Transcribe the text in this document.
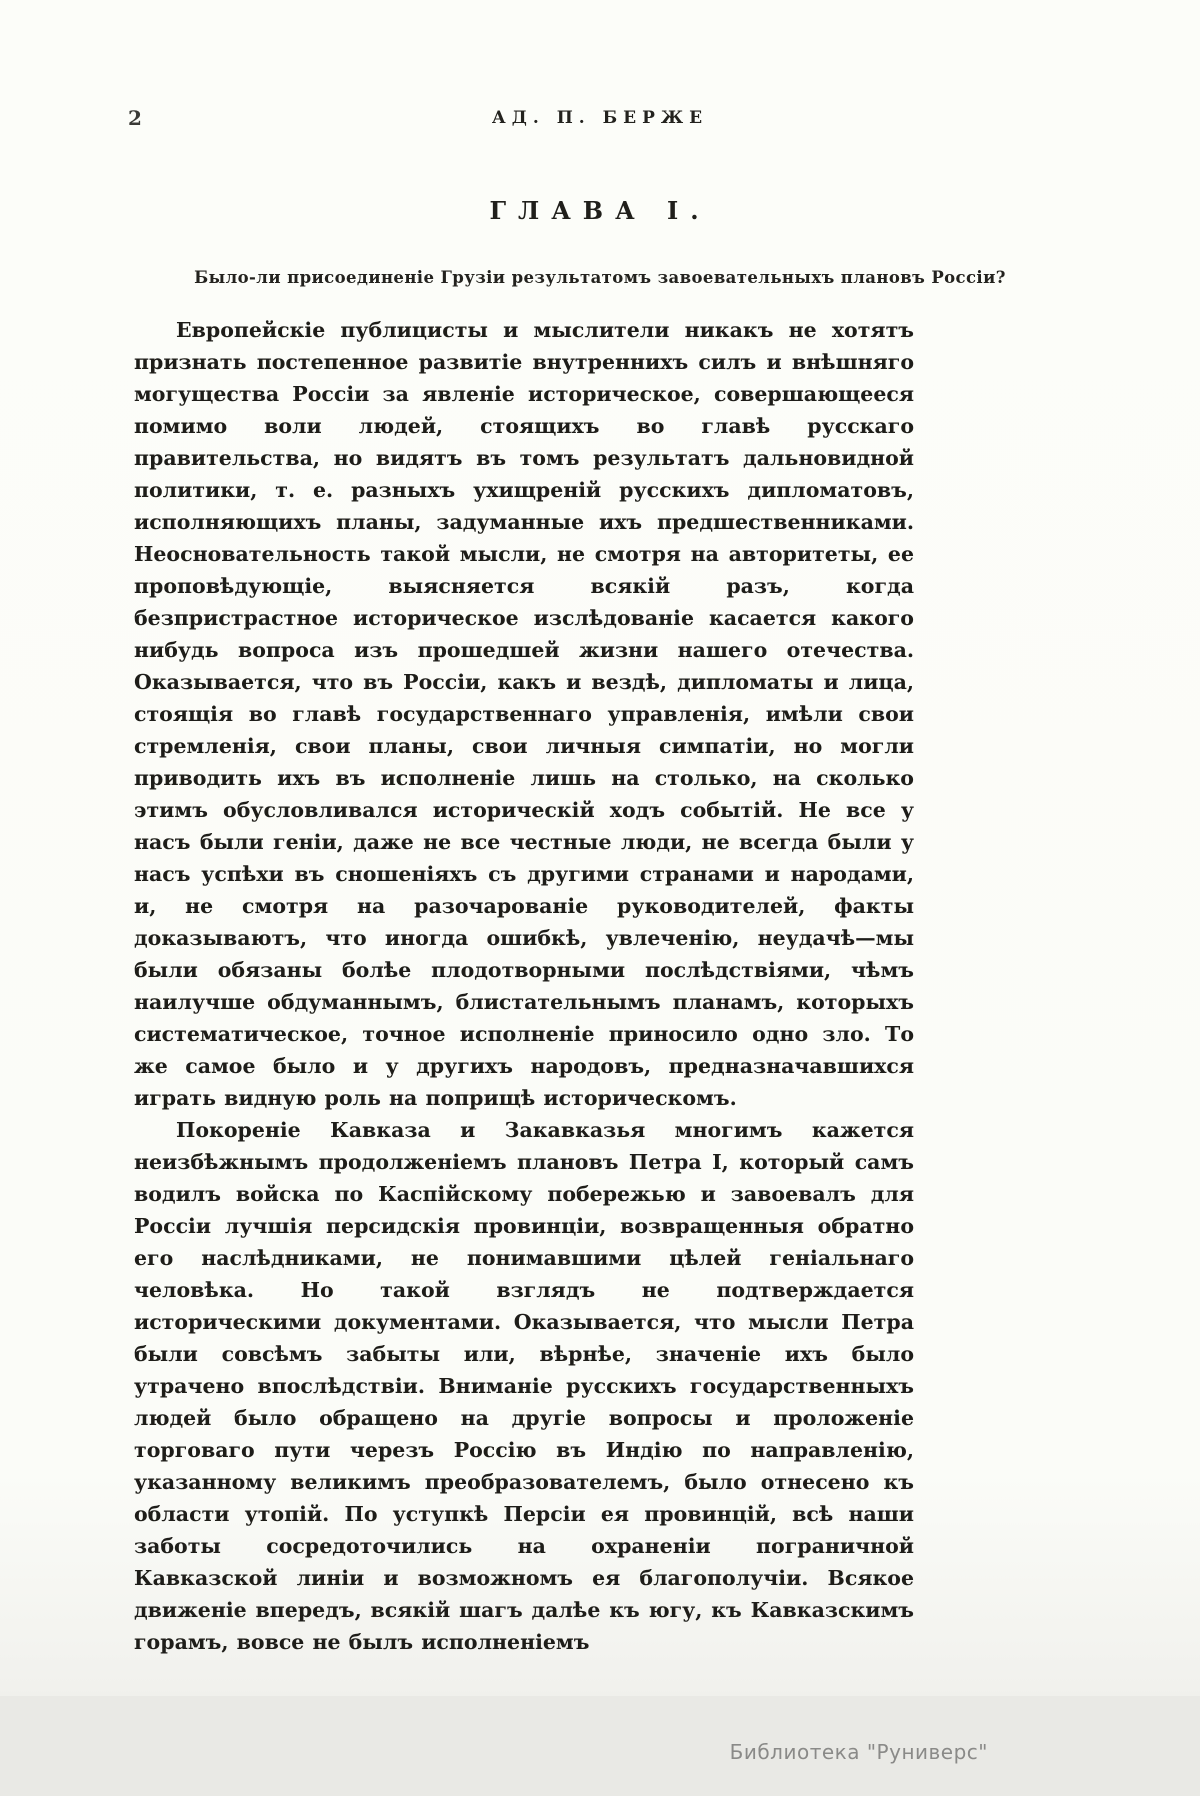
2	АД. П. БЕРЖЕ
ГЛАВА I.
Было-ли присоединеніе Грузіи результатомъ завоевательныхъ плановъ Россіи?

Европейскіе публицисты и мыслители никакъ не хотятъ признать постепенное развитіе внутреннихъ силъ и внѣшняго могущества Россіи за явленіе историческое, совершающееся помимо воли людей, стоящихъ во главѣ русскаго правительства, но видятъ въ томъ результатъ дальновидной политики, т. е. разныхъ ухищреній русскихъ дипломатовъ, исполняющихъ планы, задуманные ихъ предшественниками. Неосновательность такой мысли, не смотря на авторитеты, ее проповѣдующіе, выясняется всякій разъ, когда безпристрастное историческое изслѣдованіе касается какого нибудь вопроса изъ прошедшей жизни нашего отечества. Оказывается, что въ Россіи, какъ и вездѣ, дипломаты и лица, стоящія во главѣ государственнаго управленія, имѣли свои стремленія, свои планы, свои личныя симпатіи, но могли приводить ихъ въ исполненіе лишь на столько, на сколько этимъ обусловливался историческій ходъ событій. Не все у насъ были геніи, даже не все честные люди, не всегда были у насъ успѣхи въ сношеніяхъ съ другими странами и народами, и, не смотря на разочарованіе руководителей, факты доказываютъ, что иногда ошибкѣ, увлеченію, неудачѣ—мы были обязаны болѣе плодотворными послѣдствіями, чѣмъ наилучше обдуманнымъ, блистательнымъ планамъ, которыхъ систематическое, точное исполненіе приносило одно зло. То же самое было и у другихъ народовъ, предназначавшихся играть видную роль на поприщѣ историческомъ.

Покореніе Кавказа и Закавказья многимъ кажется неизбѣжнымъ продолженіемъ плановъ Петра I, который самъ водилъ войска по Каспійскому побережью и завоевалъ для Россіи лучшія персидскія провинціи, возвращенныя обратно его наслѣдниками, не понимавшими цѣлей геніальнаго человѣка. Но такой взглядъ не подтверждается историческими документами. Оказывается, что мысли Петра были совсѣмъ забыты или, вѣрнѣе, значеніе ихъ было утрачено впослѣдствіи. Вниманіе русскихъ государственныхъ людей было обращено на другіе вопросы и проложеніе торговаго пути черезъ Россію въ Индію по направленію, указанному великимъ преобразователемъ, было отнесено къ области утопій. По уступкѣ Персіи ея провинцій, всѣ наши заботы сосредоточились на охраненіи пограничной Кавказской линіи и возможномъ ея благополучіи. Всякое движеніе впередъ, всякій шагъ далѣе къ югу, къ Кавказскимъ горамъ, вовсе не былъ исполненіемъ

Библиотека "Руниверс"
